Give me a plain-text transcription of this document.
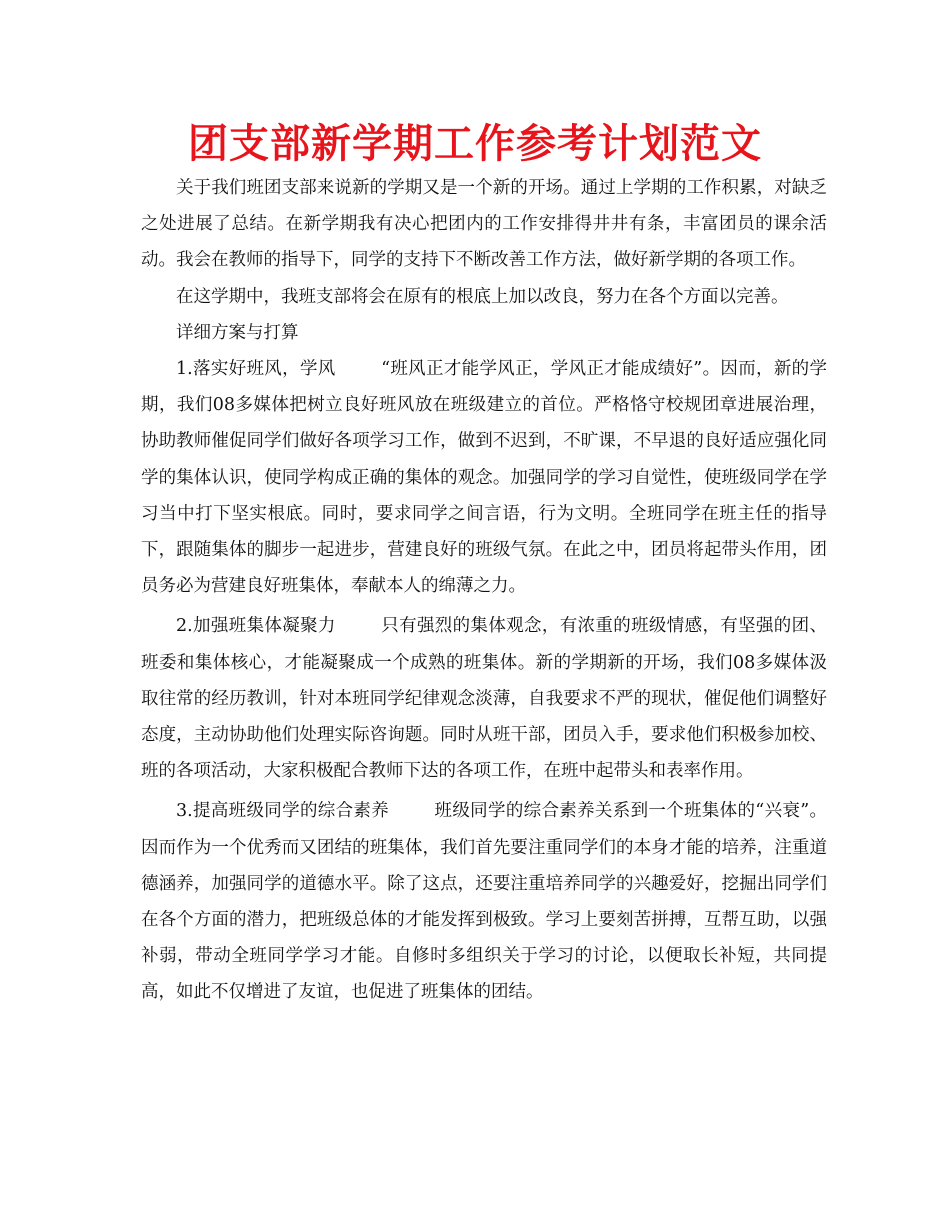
团支部新学期工作参考计划范文

关于我们班团支部来说新的学期又是一个新的开场。通过上学期的工作积累，对缺乏之处进展了总结。在新学期我有决心把团内的工作安排得井井有条，丰富团员的课余活动。我会在教师的指导下，同学的支持下不断改善工作方法，做好新学期的各项工作。

在这学期中，我班支部将会在原有的根底上加以改良，努力在各个方面以完善。

详细方案与打算

1.落实好班风，学风	“班风正才能学风正，学风正才能成绩好”。因而，新的学期，我们08多媒体把树立良好班风放在班级建立的首位。严格恪守校规团章进展治理，协助教师催促同学们做好各项学习工作，做到不迟到，不旷课，不早退的良好适应强化同学的集体认识，使同学构成正确的集体的观念。加强同学的学习自觉性，使班级同学在学习当中打下坚实根底。同时，要求同学之间言语，行为文明。全班同学在班主任的指导下，跟随集体的脚步一起进步，营建良好的班级气氛。在此之中，团员将起带头作用，团员务必为营建良好班集体，奉献本人的绵薄之力。

2.加强班集体凝聚力	只有强烈的集体观念，有浓重的班级情感，有坚强的团、班委和集体核心，才能凝聚成一个成熟的班集体。新的学期新的开场，我们08多媒体汲取往常的经历教训，针对本班同学纪律观念淡薄，自我要求不严的现状，催促他们调整好态度，主动协助他们处理实际咨询题。同时从班干部，团员入手，要求他们积极参加校、班的各项活动，大家积极配合教师下达的各项工作，在班中起带头和表率作用。

3.提高班级同学的综合素养	班级同学的综合素养关系到一个班集体的“兴衰”。因而作为一个优秀而又团结的班集体，我们首先要注重同学们的本身才能的培养，注重道德涵养，加强同学的道德水平。除了这点，还要注重培养同学的兴趣爱好，挖掘出同学们在各个方面的潜力，把班级总体的才能发挥到极致。学习上要刻苦拼搏，互帮互助，以强补弱，带动全班同学学习才能。自修时多组织关于学习的讨论，以便取长补短，共同提高，如此不仅增进了友谊，也促进了班集体的团结。
